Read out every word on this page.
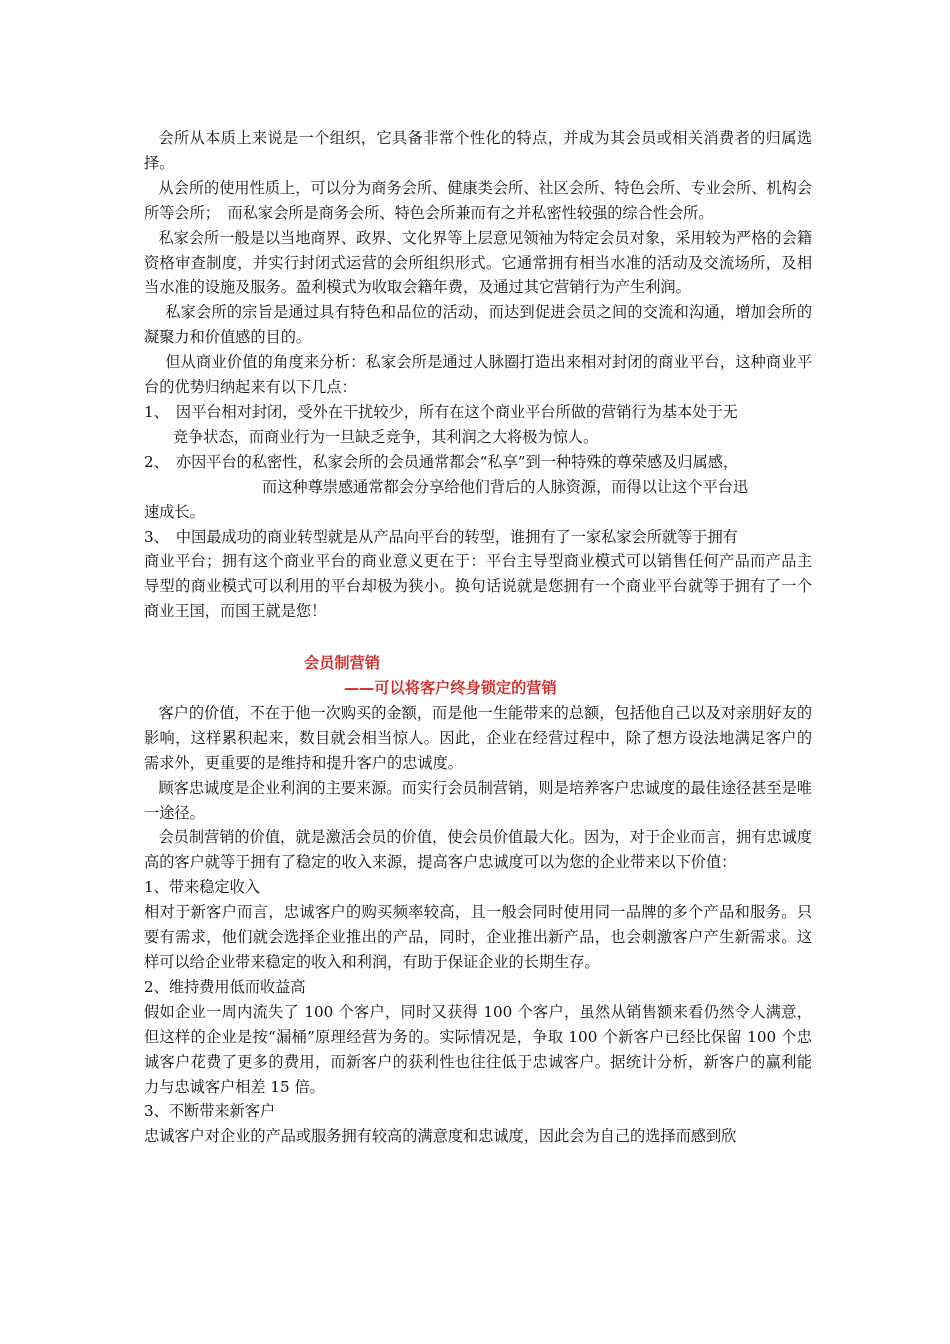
会所从本质上来说是一个组织，它具备非常个性化的特点，并成为其会员或相关消费者的归属选择。

从会所的使用性质上，可以分为商务会所、健康类会所、社区会所、特色会所、专业会所、机构会所等会所；　而私家会所是商务会所、特色会所兼而有之并私密性较强的综合性会所。

私家会所一般是以当地商界、政界、文化界等上层意见领袖为特定会员对象，采用较为严格的会籍资格审查制度，并实行封闭式运营的会所组织形式。它通常拥有相当水准的活动及交流场所，及相当水准的设施及服务。盈利模式为收取会籍年费，及通过其它营销行为产生利润。

私家会所的宗旨是通过具有特色和品位的活动，而达到促进会员之间的交流和沟通，增加会所的凝聚力和价值感的目的。

但从商业价值的角度来分析：私家会所是通过人脉圈打造出来相对封闭的商业平台，这种商业平台的优势归纳起来有以下几点：

1、 因平台相对封闭，受外在干扰较少，所有在这个商业平台所做的营销行为基本处于无

竞争状态，而商业行为一旦缺乏竞争，其利润之大将极为惊人。

2、 亦因平台的私密性，私家会所的会员通常都会“私享”到一种特殊的尊荣感及归属感，

而这种尊崇感通常都会分享给他们背后的人脉资源，而得以让这个平台迅

速成长。

3、 中国最成功的商业转型就是从产品向平台的转型，谁拥有了一家私家会所就等于拥有

商业平台；拥有这个商业平台的商业意义更在于：平台主导型商业模式可以销售任何产品而产品主导型的商业模式可以利用的平台却极为狭小。换句话说就是您拥有一个商业平台就等于拥有了一个商业王国，而国王就是您！

会员制营销

——可以将客户终身锁定的营销

客户的价值，不在于他一次购买的金额，而是他一生能带来的总额，包括他自己以及对亲朋好友的影响，这样累积起来，数目就会相当惊人。因此，企业在经营过程中，除了想方设法地满足客户的需求外，更重要的是维持和提升客户的忠诚度。

顾客忠诚度是企业利润的主要来源。而实行会员制营销，则是培养客户忠诚度的最佳途径甚至是唯一途径。

会员制营销的价值，就是激活会员的价值，使会员价值最大化。因为，对于企业而言，拥有忠诚度高的客户就等于拥有了稳定的收入来源，提高客户忠诚度可以为您的企业带来以下价值：

1、带来稳定收入

相对于新客户而言，忠诚客户的购买频率较高，且一般会同时使用同一品牌的多个产品和服务。只要有需求，他们就会选择企业推出的产品，同时，企业推出新产品，也会刺激客户产生新需求。这样可以给企业带来稳定的收入和利润，有助于保证企业的长期生存。

2、维持费用低而收益高

假如企业一周内流失了 100 个客户，同时又获得 100 个客户，虽然从销售额来看仍然令人满意，但这样的企业是按“漏桶”原理经营为务的。实际情况是，争取 100 个新客户已经比保留 100 个忠诚客户花费了更多的费用，而新客户的获利性也往往低于忠诚客户。据统计分析，新客户的赢利能力与忠诚客户相差 15 倍。

3、不断带来新客户

忠诚客户对企业的产品或服务拥有较高的满意度和忠诚度，因此会为自己的选择而感到欣
